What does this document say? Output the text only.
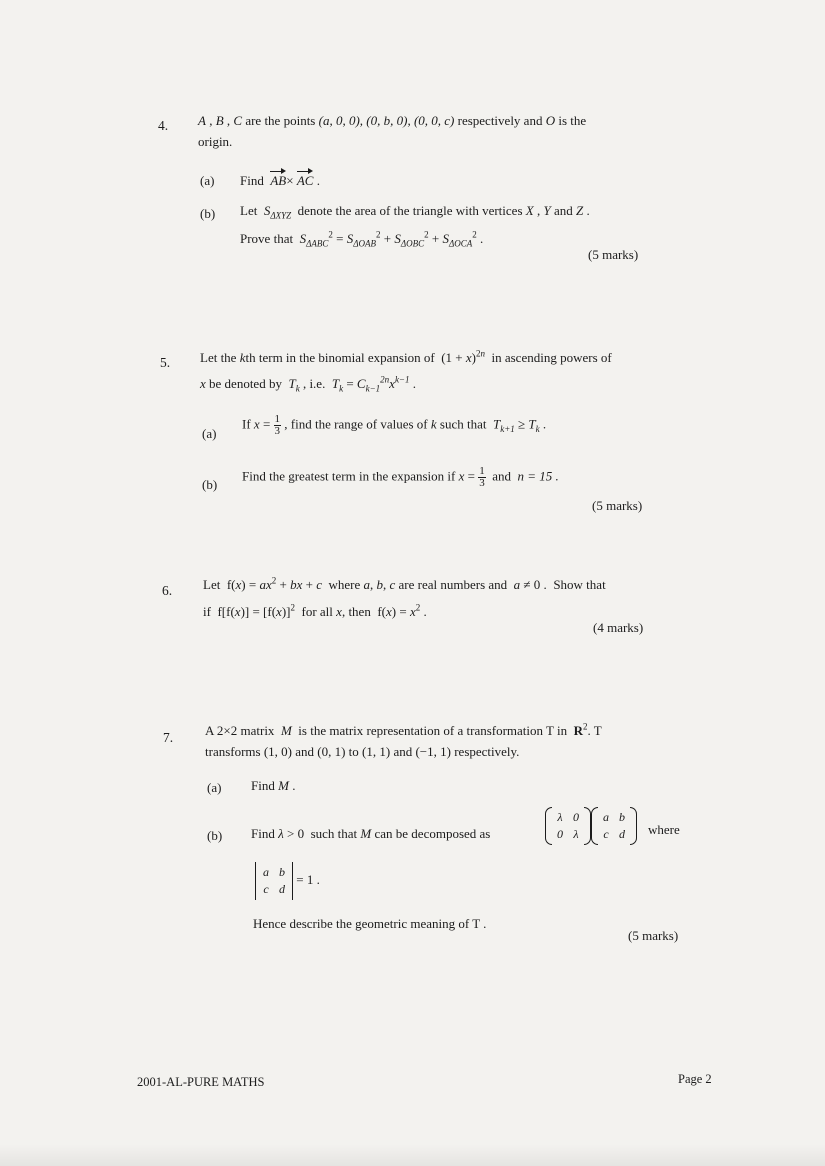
4. A , B , C are the points (a, 0, 0), (0, b, 0), (0, 0, c) respectively and O is the
origin.
(a) Find AB× AC .
(b) Let $S_{\Delta XYZ}$ denote the area of the triangle with vertices X , Y and Z .
Prove that $S_{\Delta ABC}^2 = S_{\Delta OAB}^2 + S_{\Delta OBC}^2 + S_{\Delta OCA}^2$ .
(5 marks)
5. Let the kth term in the binomial expansion of  $(1 + x)^{2n}$ in ascending powers of
x be denoted by $T_k$ , i.e. $T_k = C_{k-1}^{2n}x^{k-1}$ .
(a)
If $x = \frac{1}{3}$ , find the range of values of k such that $T_{k+1} \ge T_k$ .
(b)
Find the greatest term in the expansion if $x = \frac{1}{3}$ and n = 15 .
(5 marks)
6. Let  $f(x) = ax^2$ + bx + c where a, b, c are real numbers and a ≠ 0 .  Show that
if  $f[f(x)] = [f(x)]^2$ for all x, then  $f(x) = x^2$ .
(4 marks)
7. A 2×2 matrix M is the matrix representation of a transformation T in $R^2$. T
transforms (1, 0) and (0, 1) to (1, 1) and (−1, 1) respectively.
(a) Find M .
(b) Find λ > 0  such that M can be decomposed as
λ	0
0	λ
a	b
c	d where
a	b
c	d
= 1 .
Hence describe the geometric meaning of T .
(5 marks)
2001-AL-PURE MATHS	Page 2
